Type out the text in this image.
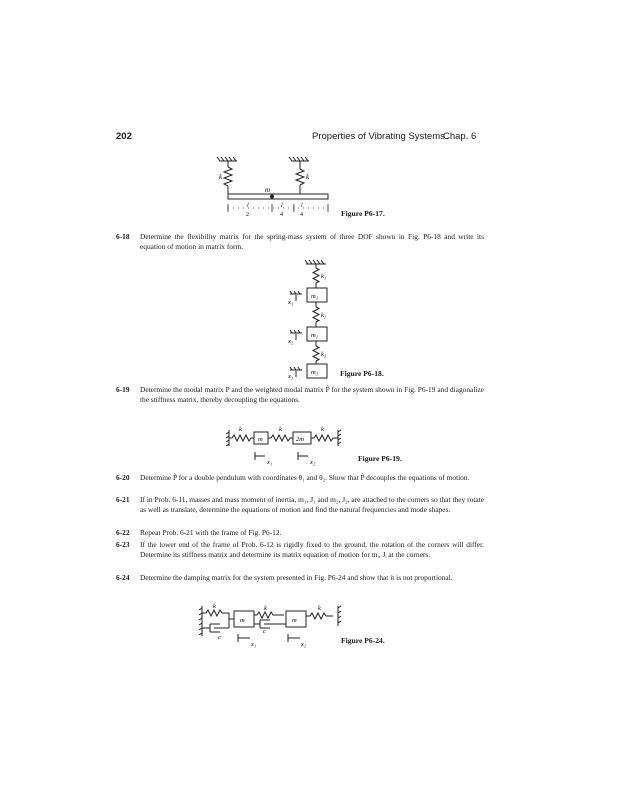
202	Properties of Vibrating Systems
Chap. 6
m
k	k
l
2
l
4
l
4	Figure P6-17.
6-18 Determine the flexibility matrix for the spring-mass system of three DOF shown in Fig. P6-18 and write its equation of motion in matrix form.
k₁
k₂
k₃
m₁
m₂
m₃
x₁
x₂
x₃	Figure P6-18.
6-19 Determine the modal matrix P and the weighted modal matrix P̃ for the system shown in Fig. P6-19 and diagonalize the stiffness matrix, thereby decoupling the equations.
k	k	k
m	2m
x₁	x₂	Figure P6-19.
6-20 Determine P̃ for a double pendulum with coordinates θ₁ and θ₂. Show that P̃ decouples the equations of motion.
6-21 If in Prob. 6-11, masses and mass moment of inertia, m₁, J₁ and m₂, J₂, are attached to the corners so that they rotate as well as translate, determine the equations of motion and find the natural frequencies and mode shapes.
6-22 Repeat Prob. 6-21 with the frame of Fig. P6-12.
6-23 If the lower end of the frame of Prob. 6-12 is rigidly fixed to the ground, the rotation of the corners will differ. Determine its stiffness matrix and determine its matrix equation of motion for mᵢ, Jᵢ at the corners.
6-24 Determine the damping matrix for the system presented in Fig. P6-24 and show that it is not proportional.
k	k	k
c
c
m	m
x₁	x₂	Figure P6-24.
